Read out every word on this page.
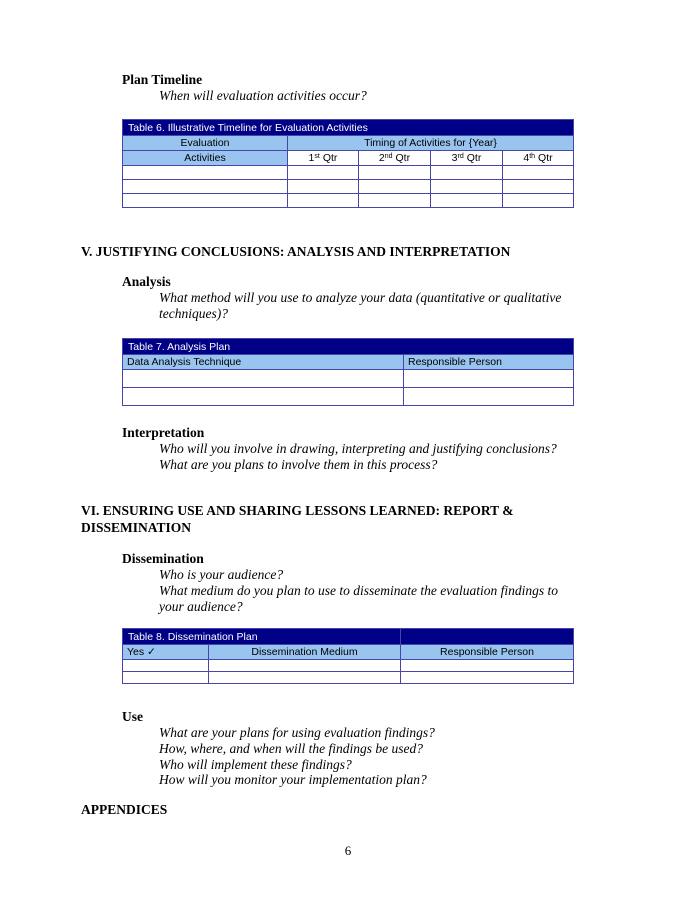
Plan Timeline
When will evaluation activities occur?
Table 6. Illustrative Timeline for Evaluation Activities				
Evaluation	Timing of Activities for {Year}			
Activities	1st Qtr	2nd Qtr	3rd Qtr	4th Qtr

V. JUSTIFYING CONCLUSIONS: ANALYSIS AND INTERPRETATION
Analysis
What method will you use to analyze your data (quantitative or qualitative techniques)?
Table 7. Analysis Plan	
Data Analysis Technique	Responsible Person

Interpretation
Who will you involve in drawing, interpreting and justifying conclusions?
What are you plans to involve them in this process?
VI. ENSURING USE AND SHARING LESSONS LEARNED: REPORT & DISSEMINATION
Dissemination
Who is your audience?
What medium do you plan to use to disseminate the evaluation findings to your audience?
Table 8. Dissemination Plan		
Yes ✓	Dissemination Medium	Responsible Person

Use
What are your plans for using evaluation findings?
How, where, and when will the findings be used?
Who will implement these findings?
How will you monitor your implementation plan?
APPENDICES
6
